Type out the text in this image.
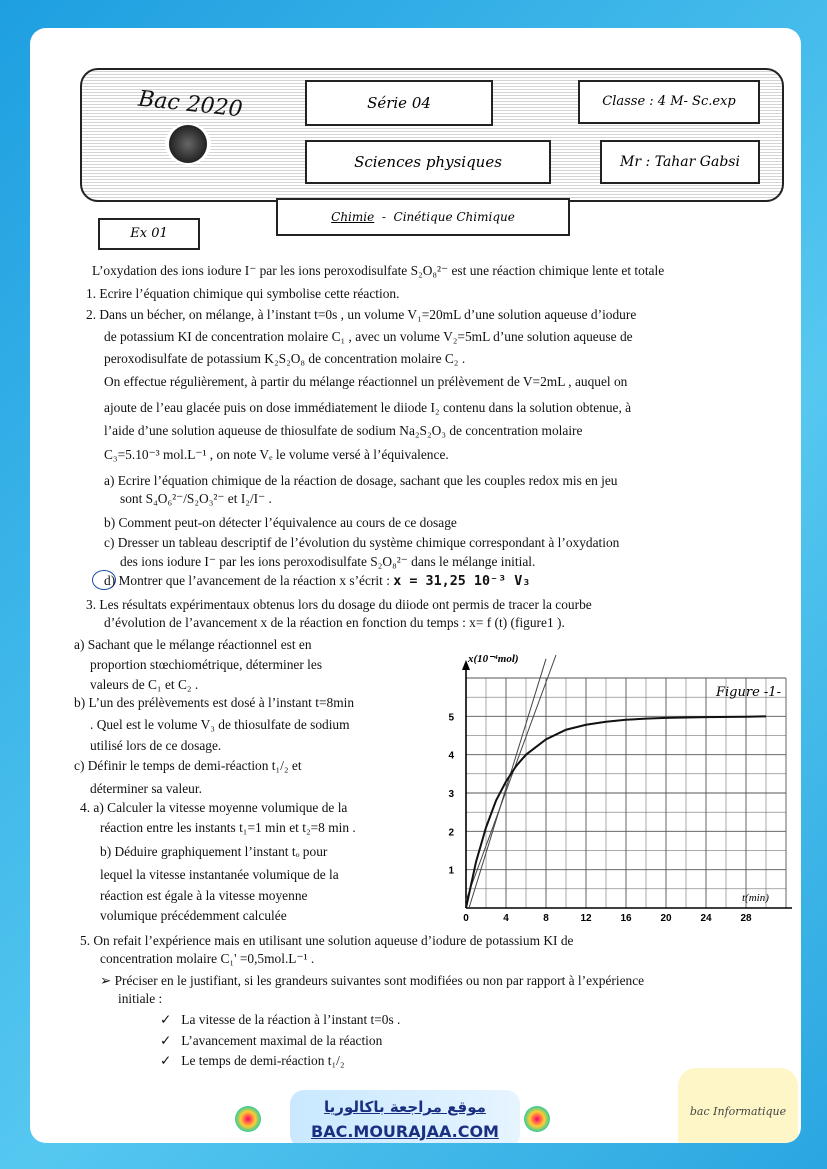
Bac 2020	Série 04	Classe : 4 M- Sc.exp
Sciences physiques	Mr : Tahar Gabsi
Chimie  -  Cinétique Chimique
Ex 01
L’oxydation des ions iodure I⁻ par les ions peroxodisulfate S₂O₈²⁻ est une réaction chimique lente et totale
1. Ecrire l’équation chimique qui symbolise cette réaction.
2. Dans un bécher, on mélange, à l’instant t=0s , un volume V₁=20mL d’une solution aqueuse d’iodure
de potassium KI de concentration molaire C₁ , avec un volume V₂=5mL d’une solution aqueuse de
peroxodisulfate de potassium K₂S₂O₈ de concentration molaire C₂ .
On effectue régulièrement, à partir du mélange réactionnel un prélèvement de V=2mL , auquel on
ajoute de l’eau glacée puis on dose immédiatement le diiode I₂ contenu dans la solution obtenue, à
l’aide d’une solution aqueuse de thiosulfate de sodium Na₂S₂O₃ de concentration molaire
C₃=5.10⁻³ mol.L⁻¹ , on note Vₑ le volume versé à l’équivalence.
a) Ecrire l’équation chimique de la réaction de dosage, sachant que les couples redox mis en jeu
sont S₄O₆²⁻/S₂O₃²⁻ et I₂/I⁻ .
b) Comment peut-on détecter l’équivalence au cours de ce dosage
c) Dresser un tableau descriptif de l’évolution du système chimique correspondant à l’oxydation
des ions iodure I⁻ par les ions peroxodisulfate S₂O₈²⁻ dans le mélange initial.
d) Montrer que l’avancement de la réaction x s’écrit : x = 31,25 10⁻³ V₃
3. Les résultats expérimentaux obtenus lors du dosage du diiode ont permis de tracer la courbe
d’évolution de l’avancement x de la réaction en fonction du temps : x= f (t) (figure1 ).
a) Sachant que le mélange réactionnel est en
proportion stœchiométrique, déterminer les
valeurs de C₁ et C₂ .
b) L’un des prélèvements est dosé à l’instant t=8min
. Quel est le volume V₃ de thiosulfate de sodium
utilisé lors de ce dosage.
c) Définir le temps de demi-réaction t₁/₂ et
déterminer sa valeur.
4. a) Calculer la vitesse moyenne volumique de la
réaction entre les instants t₁=1 min et t₂=8 min .
b) Déduire graphiquement l’instant tₒ pour
lequel la vitesse instantanée volumique de la
réaction est égale à la vitesse moyenne
volumique précédemment calculée
5. On refait l’expérience mais en utilisant une solution aqueuse d’iodure de potassium KI de
concentration molaire C₁' =0,5mol.L⁻¹ .
➢ Préciser en le justifiant, si les grandeurs suivantes sont modifiées ou non par rapport à l’expérience
initiale :
✓ La vitesse de la réaction à l’instant t=0s .
✓ L’avancement maximal de la réaction
✓ Le temps de demi-réaction t₁/₂
0	4	8	12	16	20	24	28
1
2
3
4
5
x(10⁻⁴mol)
t(min)
Figure -1-
موقع مراجعة باكالوريا
BAC.MOURAJAA.COM
bac Informatique
